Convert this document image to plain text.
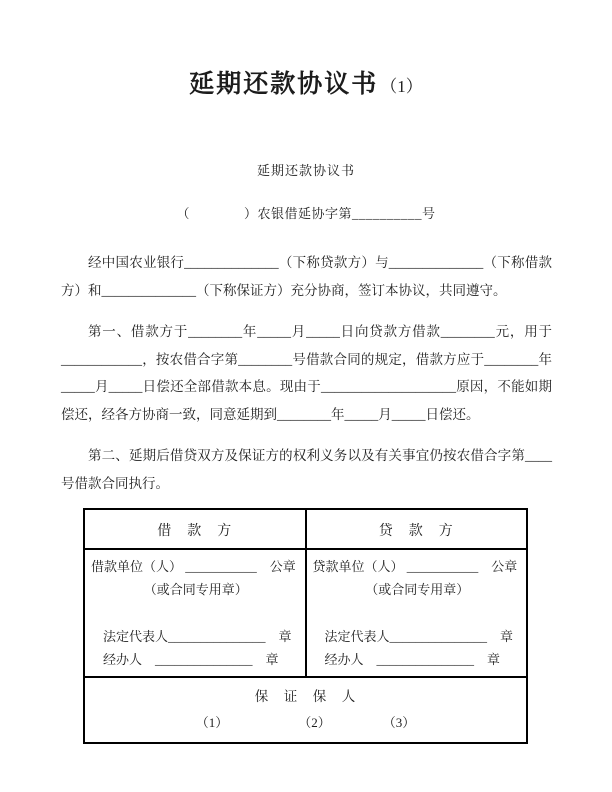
延期还款协议书 （1）
延期还款协议书
（　　　　）农银借延协字第__________号

经中国农业银行______________（下称贷款方）与______________（下称借款方）和______________（下称保证方）充分协商，签订本协议，共同遵守。

第一、借款方于________年_____月_____日向贷款方借款________元，用于____________，按农借合字第________号借款合同的规定，借款方应于________年_____月_____日偿还全部借款本息。现由于____________________原因，不能如期偿还，经各方协商一致，同意延期到________年_____月_____日偿还。

第二、延期后借贷双方及保证方的权利义务以及有关事宜仍按农借合字第____号借款合同执行。

借　款　方	贷　款　方

借款单位（人） ___________　公章
（或合同专用章）
法定代表人_______________　章
经办人　_______________　章

贷款单位（人） ___________　公章
（或合同专用章）
法定代表人_______________　章
经办人　_______________　章

保　证　保　人
（1） （2） （3）	
